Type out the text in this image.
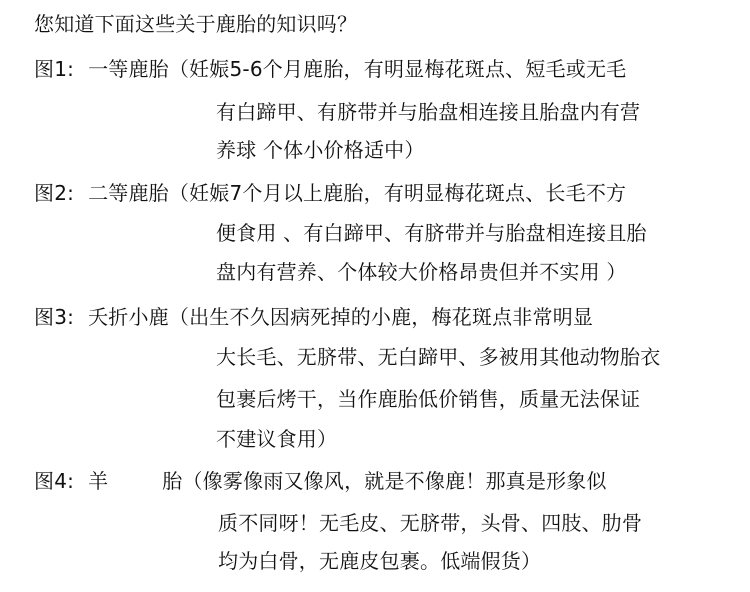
您知道下面这些关于鹿胎的知识吗？
图1: 一等鹿胎（妊娠5-6个月鹿胎，有明显梅花斑点、短毛或无毛
有白蹄甲、有脐带并与胎盘相连接且胎盘内有营
养球 个体小价格适中）
图2: 二等鹿胎（妊娠7个月以上鹿胎，有明显梅花斑点、长毛不方
便食用 、有白蹄甲、有脐带并与胎盘相连接且胎
盘内有营养、个体较大价格昂贵但并不实用 ）
图3: 夭折小鹿（出生不久因病死掉的小鹿，梅花斑点非常明显
大长毛、无脐带、无白蹄甲、多被用其他动物胎衣
包裹后烤干，当作鹿胎低价销售，质量无法保证
不建议食用）
图4: 羊	胎（像雾像雨又像风，就是不像鹿！那真是形象似
质不同呀！无毛皮、无脐带，头骨、四肢、肋骨
均为白骨，无鹿皮包裹。低端假货）
